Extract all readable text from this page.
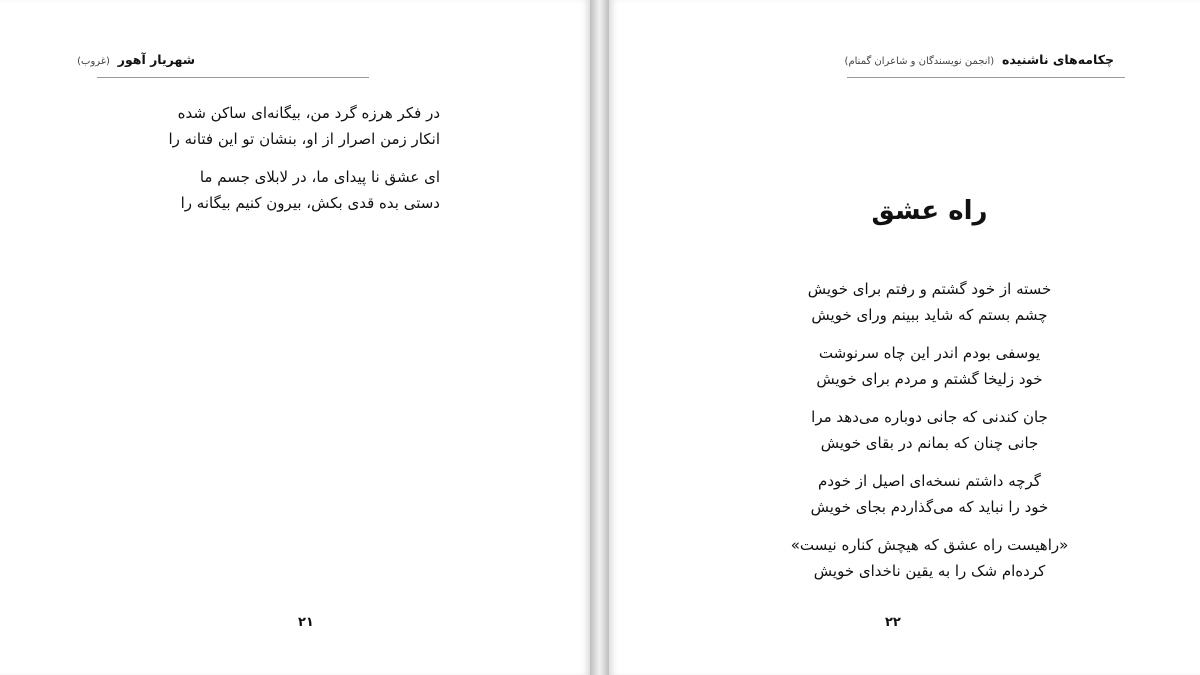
شهریار آهور (غروب)
در فکر هرزه گرد من، بیگانه‌ای ساکن شده
انکار زمن اصرار از او، بنشان تو این فتانه را
ای عشق نا پیدای ما، در لابلای جسم ما
دستی بده قدی بکش، بیرون کنیم بیگانه را
۲۱
چکامه‌های ناشنیده (انجمن نویسندگان و شاعران گمنام)
راه عشق
خسته از خود گشتم و رفتم برای خویش
چشم بستم که شاید ببینم ورای خویش
یوسفی بودم اندر این چاه سرنوشت
خود زلیخا گشتم و مردم برای خویش
جان کندنی که جانی دوباره می‌دهد مرا
جانی چنان که بمانم در بقای خویش
گرچه داشتم نسخه‌ای اصیل از خودم
خود را نباید که می‌گذاردم بجای خویش
«راهیست راه عشق که هیچش کناره نیست»
کرده‌ام شک را به یقین ناخدای خویش
۲۲
